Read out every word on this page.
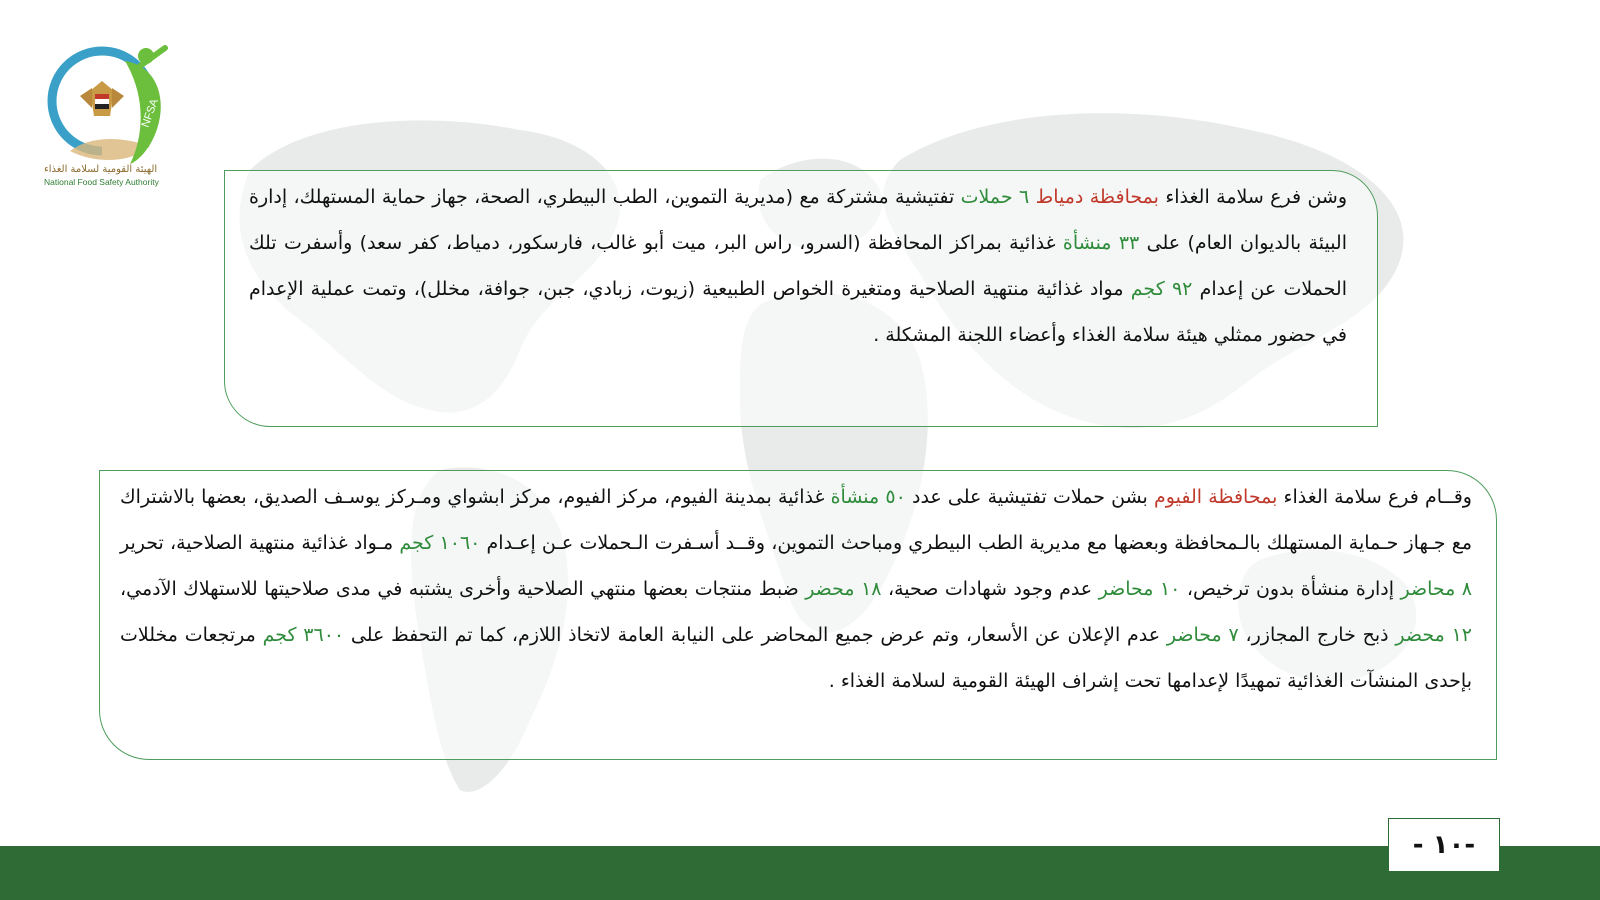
NFSA
الهيئة القومية لسلامة الغذاء
National Food Safety Authority
وشن فرع سلامة الغذاء بمحافظة دمياط ٦ حملات تفتيشية مشتركة مع (مديرية التموين، الطب البيطري، الصحة، جهاز حماية المستهلك، إدارة البيئة بالديوان العام) على ٣٣ منشأة غذائية بمراكز المحافظة (السرو، راس البر، ميت أبو غالب، فارسكور، دمياط، كفر سعد) وأسفرت تلك الحملات عن إعدام ٩٢ كجم مواد غذائية منتهية الصلاحية ومتغيرة الخواص الطبيعية (زيوت، زبادي، جبن، جوافة، مخلل)، وتمت عملية الإعدام في حضور ممثلي هيئة سلامة الغذاء وأعضاء اللجنة المشكلة .
وقــام فرع سلامة الغذاء بمحافظة الفيوم بشن حملات تفتيشية على عدد ٥٠ منشأة غذائية بمدينة الفيوم، مركز الفيوم، مركز ابشواي ومـركز يوسـف الصديق، بعضها بالاشتراك مع جـهاز حـماية المستهلك بالـمحافظة وبعضها مع مديرية الطب البيطري ومباحث التموين، وقــد أسـفرت الـحملات عـن إعـدام ١٠٦٠ كجم مـواد غذائية منتهية الصلاحية، تحرير ٨ محاضر إدارة منشأة بدون ترخيص، ١٠ محاضر عدم وجود شهادات صحية، ١٨ محضر ضبط منتجات بعضها منتهي الصلاحية وأخرى يشتبه في مدى صلاحيتها للاستهلاك الآدمي، ١٢ محضر ذبح خارج المجازر، ٧ محاضر عدم الإعلان عن الأسعار، وتم عرض جميع المحاضر على النيابة العامة لاتخاذ اللازم، كما تم التحفظ على ٣٦٠٠ كجم مرتجعات مخللات بإحدى المنشآت الغذائية تمهيدًا لإعدامها تحت إشراف الهيئة القومية لسلامة الغذاء .
- ١٠-
